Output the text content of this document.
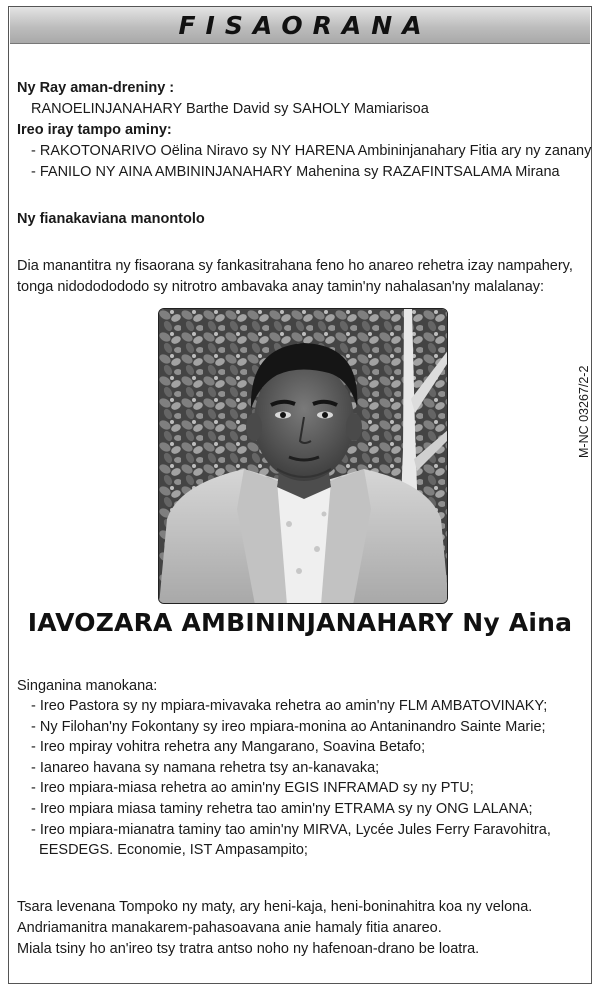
FISAORANA
Ny Ray aman-dreniny :
RANOELINJANAHARY Barthe David sy SAHOLY Mamiarisoa
Ireo iray tampo aminy:
- RAKOTONARIVO Oëlina Niravo sy NY HARENA Ambininjanahary Fitia ary ny zanany
- FANILO NY AINA AMBININJANAHARY Mahenina sy RAZAFINTSALAMA Mirana
Ny fianakaviana manontolo
Dia manantitra ny fisaorana sy fankasitrahana feno ho anareo rehetra izay nampahery,
tonga nidododododo sy nitrotro ambavaka anay tamin'ny nahalasan'ny malalanay:
M-NC 03267/2-2
IAVOZARA AMBININJANAHARY Ny Aina
Singanina manokana:
- Ireo Pastora sy ny mpiara-mivavaka rehetra ao amin'ny FLM AMBATOVINAKY;
- Ny Filohan'ny Fokontany sy ireo mpiara-monina ao Antaninandro Sainte Marie;
- Ireo mpiray vohitra rehetra any Mangarano, Soavina Betafo;
- Ianareo havana sy namana rehetra tsy an-kanavaka;
- Ireo mpiara-miasa rehetra ao amin'ny EGIS INFRAMAD sy ny PTU;
- Ireo mpiara miasa taminy rehetra tao amin'ny ETRAMA sy ny ONG LALANA;
- Ireo mpiara-mianatra taminy tao amin'ny MIRVA, Lycée Jules Ferry Faravohitra,
EESDEGS. Economie, IST Ampasampito;
Tsara levenana Tompoko ny maty, ary heni-kaja, heni-boninahitra koa ny velona.
Andriamanitra manakarem-pahasoavana anie hamaly fitia anareo.
Miala tsiny ho an'ireo tsy tratra antso noho ny hafenoan-drano be loatra.
